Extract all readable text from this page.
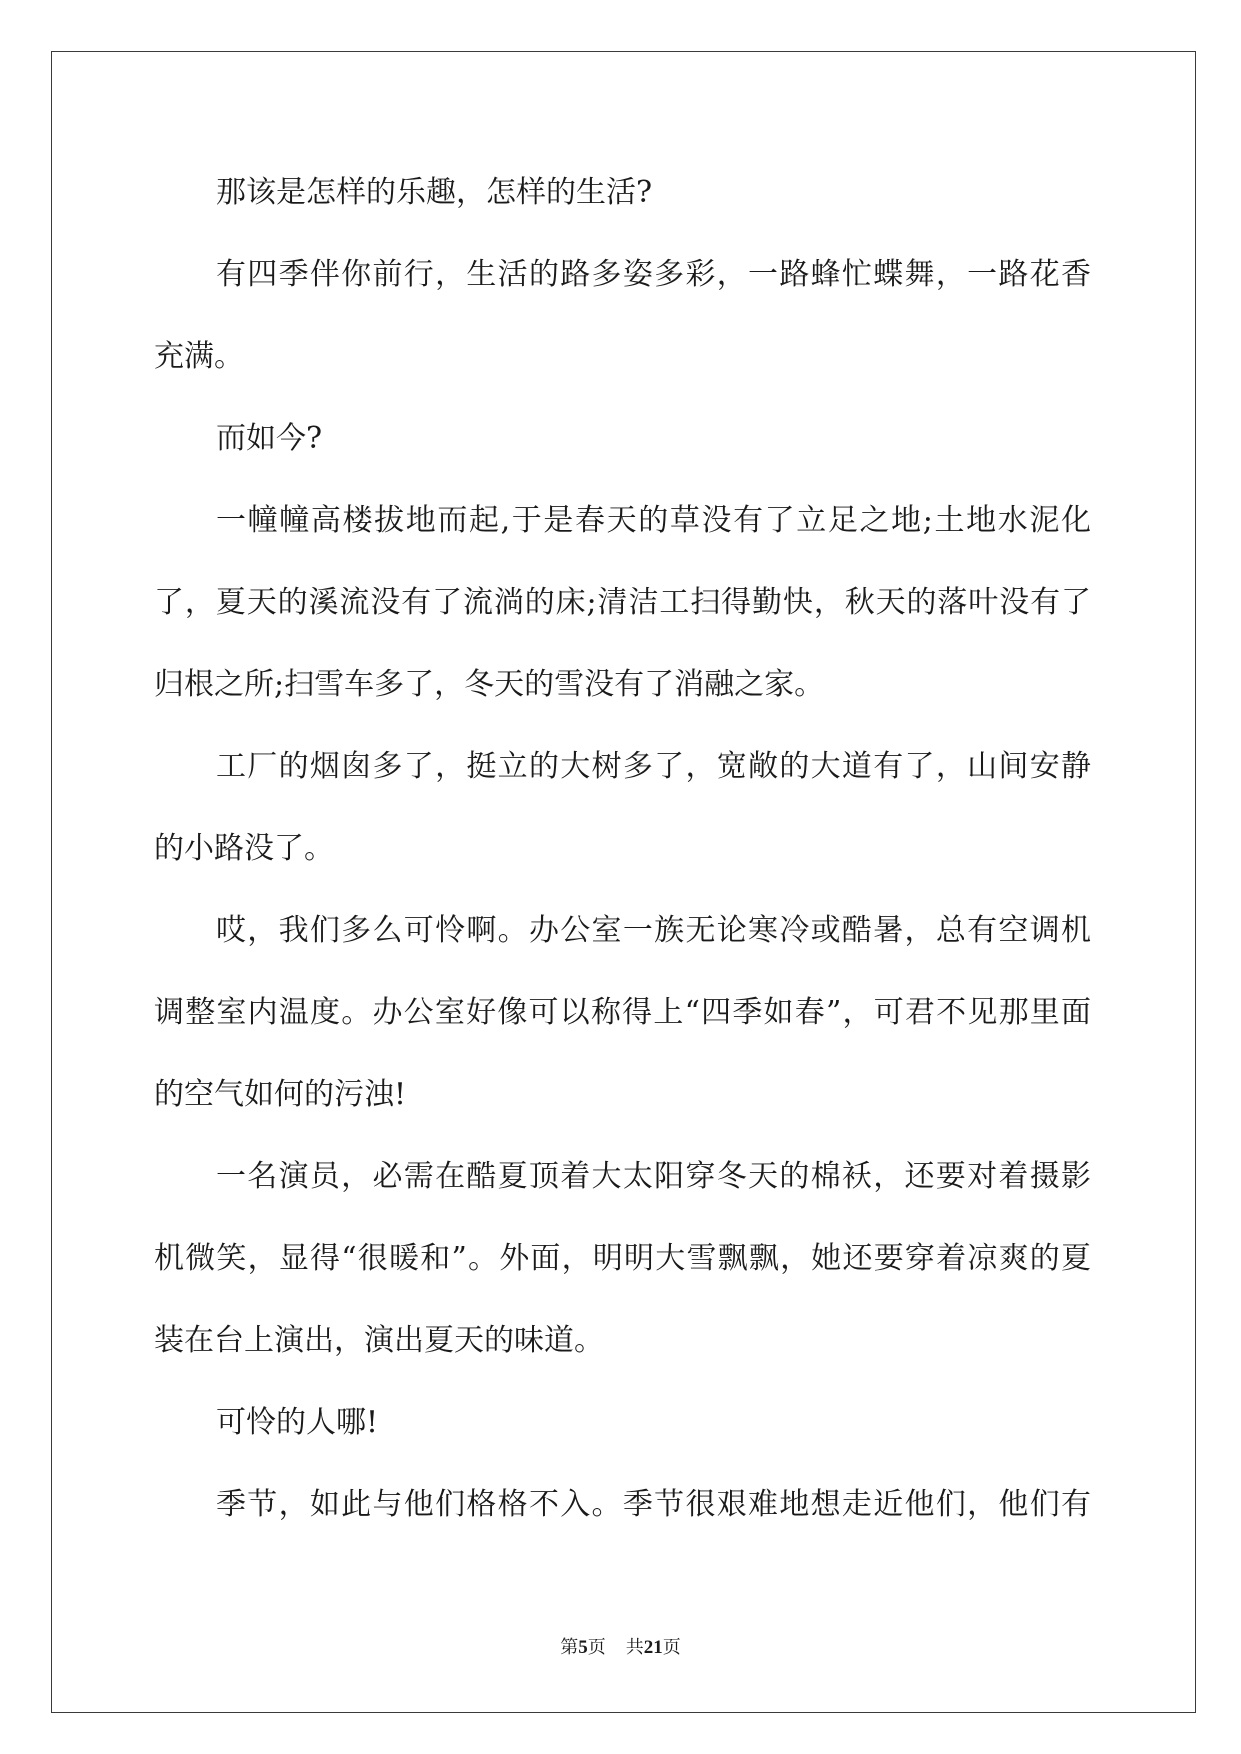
那该是怎样的乐趣，怎样的生活?
有四季伴你前行，生活的路多姿多彩，一路蜂忙蝶舞，一路花香
充满。
而如今?
一幢幢高楼拔地而起,于是春天的草没有了立足之地;土地水泥化
了，夏天的溪流没有了流淌的床;清洁工扫得勤快，秋天的落叶没有了
归根之所;扫雪车多了，冬天的雪没有了消融之家。
工厂的烟囱多了，挺立的大树多了，宽敞的大道有了，山间安静
的小路没了。
哎，我们多么可怜啊。办公室一族无论寒冷或酷暑，总有空调机
调整室内温度。办公室好像可以称得上“四季如春”，可君不见那里面
的空气如何的污浊!
一名演员，必需在酷夏顶着大太阳穿冬天的棉袄，还要对着摄影
机微笑，显得“很暖和”。外面，明明大雪飘飘，她还要穿着凉爽的夏
装在台上演出，演出夏天的味道。
可怜的人哪!
季节，如此与他们格格不入。季节很艰难地想走近他们，他们有
第5页 共21页
